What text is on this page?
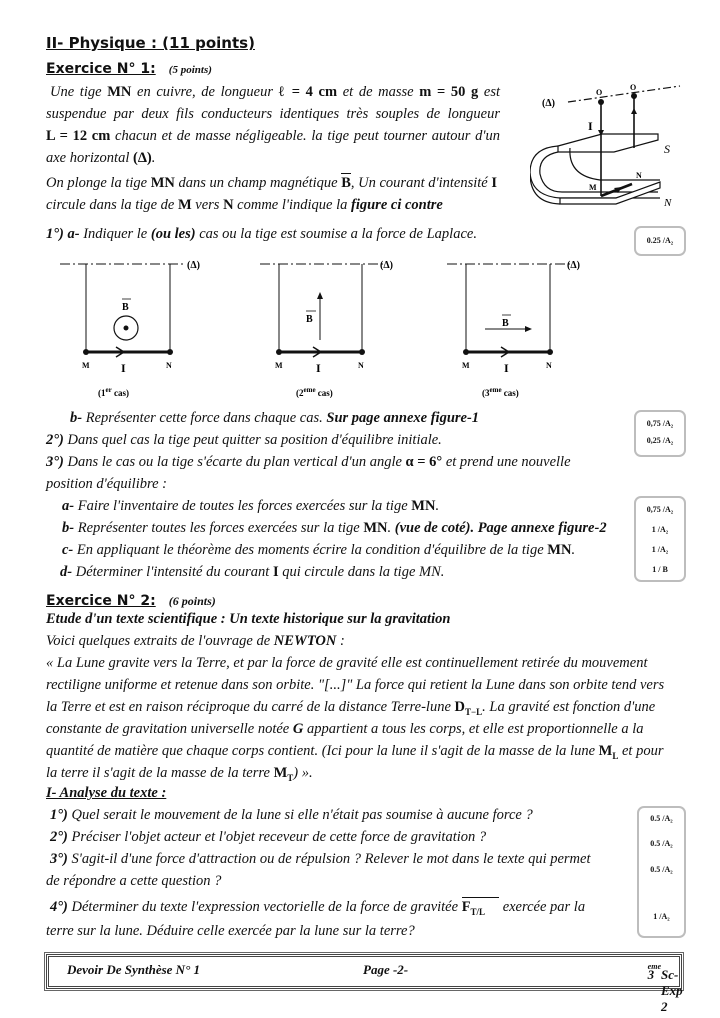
II- Physique : (11 points)
Exercice N° 1: (5 points)
Une tige MN en cuivre, de longueur ℓ = 4 cm et de masse m = 50 g est
suspendue par deux fils conducteurs identiques très souples de longueur
L = 12 cm chacun et de masse négligeable. la tige peut tourner autour d'un
axe horizontal (Δ).
On plonge la tige MN dans un champ magnétique B, Un courant d'intensité I
circule dans la tige de M vers N comme l'indique la figure ci contre
(Δ)
O
O
I
S
N
M
N
1°) a- Indiquer le (ou les) cas ou la tige est soumise a la force de Laplace.	0.25 /A₂
B
(Δ)
M	N
I
(1er cas)
B
(Δ)
M	N
I
(2eme cas)
B
(Δ)
M	N
I
(3eme cas)
b- Représenter cette force dans chaque cas. Sur page annexe figure-1
2°) Dans quel cas la tige peut quitter sa position d'équilibre initiale.
3°) Dans le cas ou la tige s'écarte du plan vertical d'un angle α = 6° et prend une nouvelle
position d'équilibre :
0,75 /A₂
0,25 /A₂
a- Faire l'inventaire de toutes les forces exercées sur la tige MN.
b- Représenter toutes les forces exercées sur la tige MN. (vue de coté). Page annexe figure-2
c- En appliquant le théorème des moments écrire la condition d'équilibre de la tige MN.
d- Déterminer l'intensité du courant I qui circule dans la tige MN.
0,75 /A₂
1 /A₂
1 /A₂
1 / B
Exercice N° 2: (6 points)
Etude d'un texte scientifique : Un texte historique sur la gravitation
Voici quelques extraits de l'ouvrage de NEWTON :
« La Lune gravite vers la Terre, et par la force de gravité elle est continuellement retirée du mouvement
rectiligne uniforme et retenue dans son orbite. "[...]" La force qui retient la Lune dans son orbite tend vers
la Terre et est en raison réciproque du carré de la distance Terre-lune $D_{T-L}$. La gravité est fonction d'une
constante de gravitation universelle notée G appartient a tous les corps, et elle est proportionnelle a la
quantité de matière que chaque corps contient. (Ici pour la lune il s'agit de la masse de la lune $M_L$ et pour
la terre il s'agit de la masse de la terre $M_T$) ».
I- Analyse du texte :
1°) Quel serait le mouvement de la lune si elle n'était pas soumise à aucune force ?
2°) Préciser l'objet acteur et l'objet receveur de cette force de gravitation ?
3°) S'agit-il d'une force d'attraction ou de répulsion ? Relever le mot dans le texte qui permet
de répondre a cette question ?
4°) Déterminer du texte l'expression vectorielle de la force de gravitée $F_{T/L}$ exercée par la
terre sur la lune. Déduire celle exercée par la lune sur la terre?
0.5 /A₂
0.5 /A₂
0.5 /A₂
1 /A₂
Devoir De Synthèse N° 1	Page -2-	3
$^{eme}$
Sc-Exp 2
